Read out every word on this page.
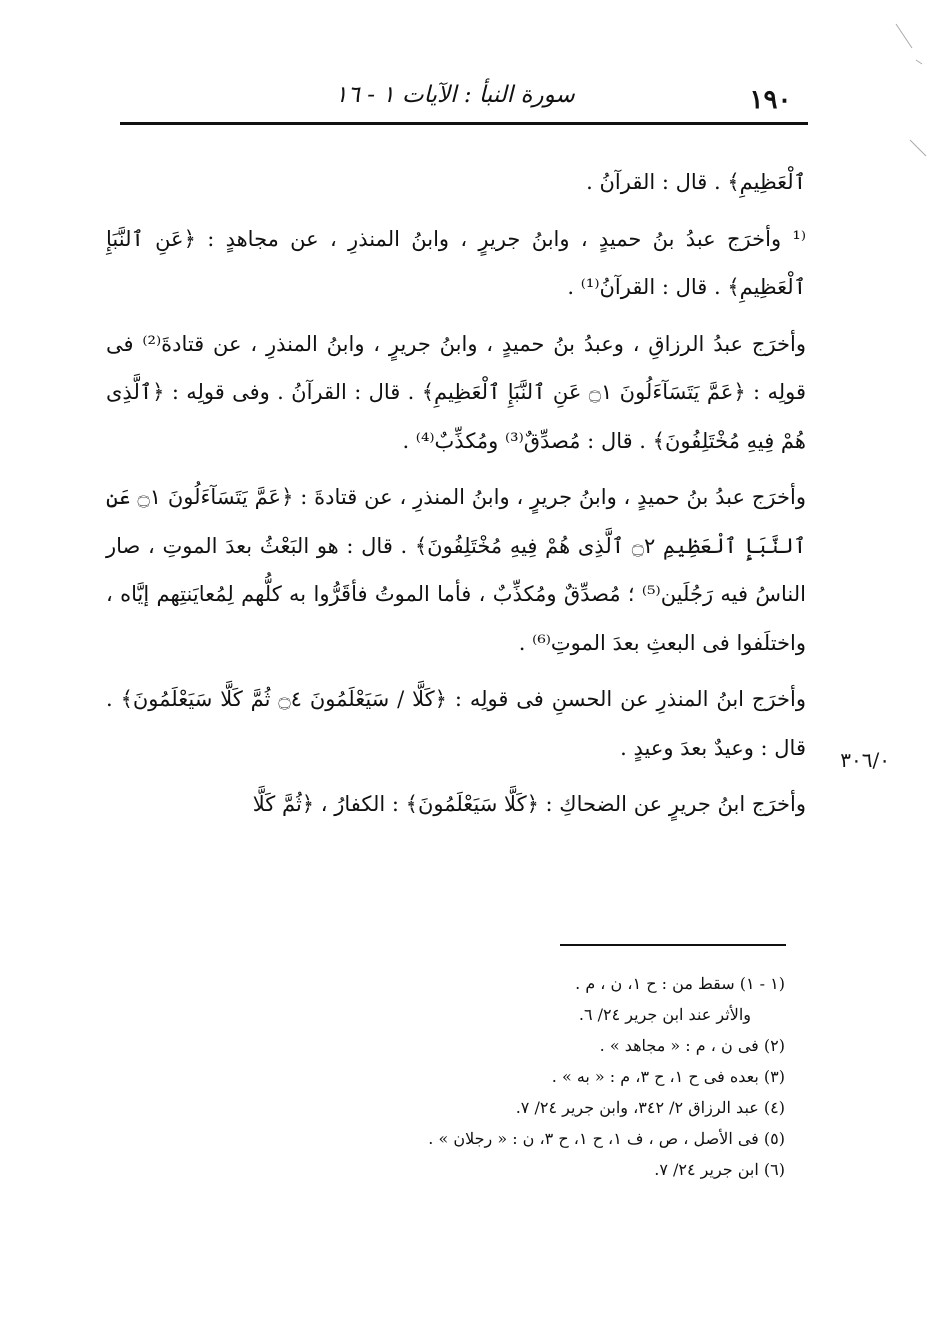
١٩٠
سورة النبأ : الآيات ١ - ١٦

ٱلْعَظِيمِ﴾ . قال : القرآنُ .

⁽¹ وأخرَج عبدُ بنُ حميدٍ ، وابنُ جريرٍ ، وابنُ المنذرِ ، عن مجاهدٍ : ﴿عَنِ ٱلنَّبَإِ ٱلْعَظِيمِ﴾ . قال : القرآنُ⁽¹⁾ .

وأخرَج عبدُ الرزاقِ ، وعبدُ بنُ حميدٍ ، وابنُ جريرٍ ، وابنُ المنذرِ ، عن قتادةَ⁽²⁾ فى قولِه : ﴿عَمَّ يَتَسَآءَلُونَ ۝١ عَنِ ٱلنَّبَإِ ٱلْعَظِيمِ﴾ . قال : القرآنُ . وفى قولِه : ﴿ٱلَّذِى هُمْ فِيهِ مُخْتَلِفُونَ﴾ . قال : مُصدِّقٌ⁽³⁾ ومُكذِّبٌ⁽⁴⁾ .

وأخرَج عبدُ بنُ حميدٍ ، وابنُ جريرٍ ، وابنُ المنذرِ ، عن قتادةَ : ﴿عَمَّ يَتَسَآءَلُونَ ۝١ عَنِ ٱلنَّبَإِ ٱلْعَظِيمِ ۝٢ ٱلَّذِى هُمْ فِيهِ مُخْتَلِفُونَ﴾ . قال : هو البَعْثُ بعدَ الموتِ ، صار الناسُ فيه رَجُلَين⁽⁵⁾ ؛ مُصدِّقٌ ومُكذِّبٌ ، فأما الموتُ فأقَرُّوا به كلُّهم لِمُعايَنتِهم إيَّاه ، واختلَفوا فى البعثِ بعدَ الموتِ⁽⁶⁾ .

وأخرَج ابنُ المنذرِ عن الحسنِ فى قولِه : ﴿كَلَّا / سَيَعْلَمُونَ ۝٤ ثُمَّ كَلَّا سَيَعْلَمُونَ﴾ . قال : وعيدٌ بعدَ وعيدٍ .

وأخرَج ابنُ جريرٍ عن الضحاكِ : ﴿كَلَّا سَيَعْلَمُونَ﴾ : الكفارُ ، ﴿ثُمَّ كَلَّا

٣٠٦/٠
(١ - ١) سقط من : ح ١، ن ، م .
والأثر عند ابن جرير ٢٤/ ٦.
(٢) فى ن ، م : « مجاهد » .
(٣) بعده فى ح ١، ح ٣، م : « به » .
(٤) عبد الرزاق ٢/ ٣٤٢، وابن جرير ٢٤/ ٧.
(٥) فى الأصل ، ص ، ف ١، ح ١، ح ٣، ن : « رجلان » .
(٦) ابن جرير ٢٤/ ٧.
